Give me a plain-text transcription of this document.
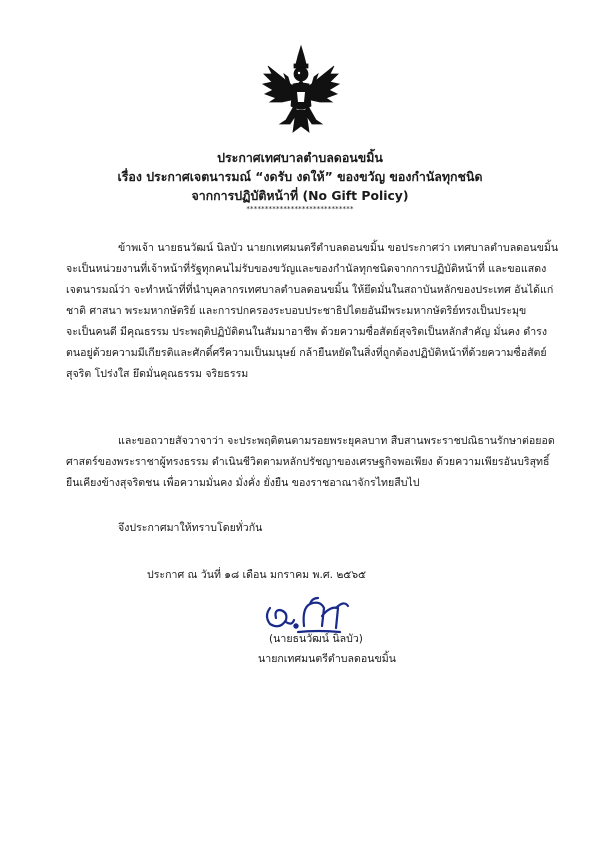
ประกาศเทศบาลตำบลดอนขมิ้น
เรื่อง ประกาศเจตนารมณ์ “งดรับ งดให้” ของขวัญ ของกำนัลทุกชนิด
จากการปฏิบัติหน้าที่ (No Gift Policy)
*****************************
ข้าพเจ้า นายธนวัฒน์ นิลบัว นายกเทศมนตรีตำบลดอนขมิ้น ขอประกาศว่า เทศบาลตำบลดอนขมิ้น
จะเป็นหน่วยงานที่เจ้าหน้าที่รัฐทุกคนไม่รับของขวัญและของกำนัลทุกชนิดจากการปฏิบัติหน้าที่ และขอแสดง
เจตนารมณ์ว่า จะทำหน้าที่ที่นำบุคลากรเทศบาลตำบลดอนขมิ้น ให้ยึดมั่นในสถาบันหลักของประเทศ อันได้แก่
ชาติ ศาสนา พระมหากษัตริย์ และการปกครองระบอบประชาธิปไตยอันมีพระมหากษัตริย์ทรงเป็นประมุข
จะเป็นคนดี มีคุณธรรม ประพฤติปฏิบัติตนในสัมมาอาชีพ ด้วยความซื่อสัตย์สุจริตเป็นหลักสำคัญ มั่นคง ดำรง
ตนอยู่ด้วยความมีเกียรติและศักดิ์ศรีความเป็นมนุษย์ กล้ายืนหยัดในสิ่งที่ถูกต้องปฏิบัติหน้าที่ด้วยความซื่อสัตย์
สุจริต โปร่งใส ยึดมั่นคุณธรรม จริยธรรม
และขอถวายสัจวาจาว่า จะประพฤติตนตามรอยพระยุคลบาท สืบสานพระราชปณิธานรักษาต่อยอด
ศาสตร์ของพระราชาผู้ทรงธรรม ดำเนินชีวิตตามหลักปรัชญาของเศรษฐกิจพอเพียง ด้วยความเพียรอันบริสุทธิ์
ยืนเคียงข้างสุจริตชน เพื่อความมั่นคง มั่งคั่ง ยั่งยืน ของราชอาณาจักรไทยสืบไป
จึงประกาศมาให้ทราบโดยทั่วกัน
ประกาศ ณ วันที่ ๑๘ เดือน มกราคม พ.ศ. ๒๕๖๕
(นายธนวัฒน์ นิลบัว)
นายกเทศมนตรีตำบลดอนขมิ้น
